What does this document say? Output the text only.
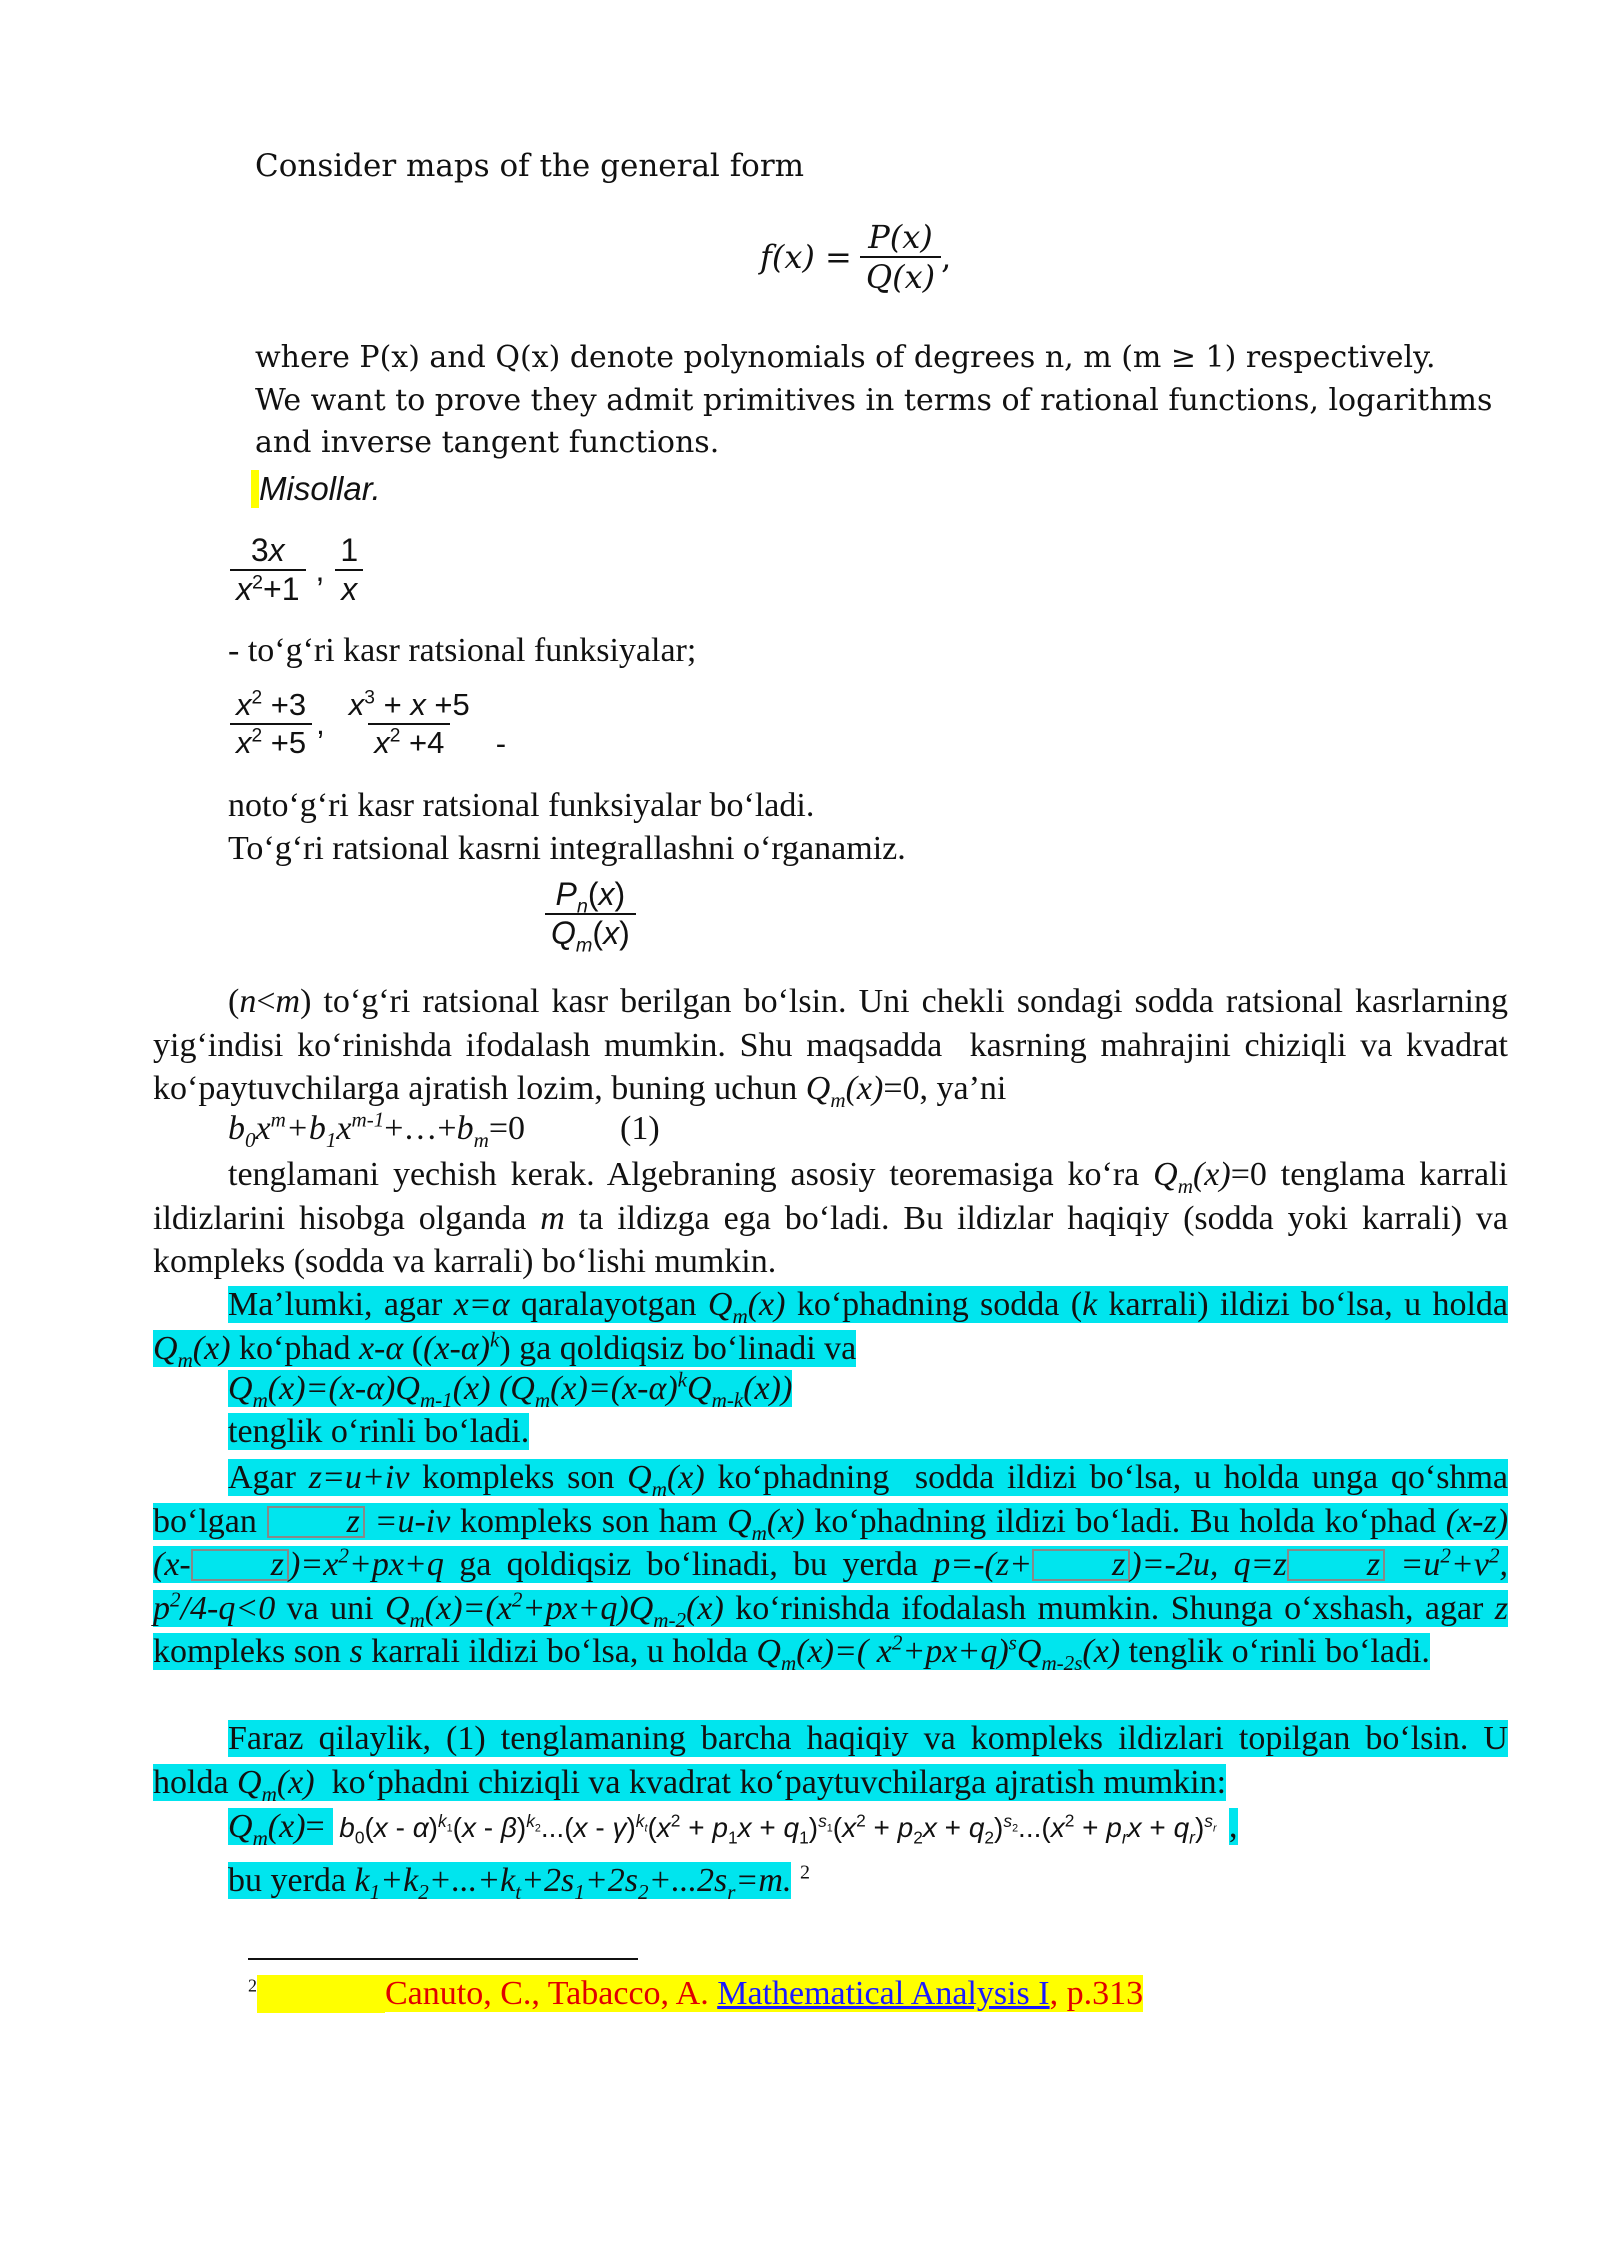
Consider maps of the general form
$f(x) = \frac{P(x)}{Q(x)}$ ,
where P(x) and Q(x) denote polynomials of degrees n, m (m ≥ 1) respectively.
We want to prove they admit primitives in terms of rational functions, logarithms
and inverse tangent functions.
Misollar.
$\frac{3x}{x^2+1}$ , $\frac{1}{x}$
- to‘g‘ri kasr ratsional funksiyalar;
$\frac{x^2 +3}{x^2 +5}$ , $\frac{x^3 + x +5}{x^2 +4}$ -
noto‘g‘ri kasr ratsional funksiyalar bo‘ladi.
To‘g‘ri ratsional kasrni integrallashni o‘rganamiz.
$\frac{P_n(x)}{Q_m(x)}$
(n<m) to‘g‘ri ratsional kasr berilgan bo‘lsin. Uni chekli sondagi sodda ratsional kasrlarning yig‘indisi ko‘rinishda ifodalash mumkin. Shu maqsadda  kasrning mahrajini chiziqli va kvadrat ko‘paytuvchilarga ajratish lozim, buning uchun $Q_m(x)=0$, ya’ni
$b_0x^m+b_1x^{m-1}+\dots+b_m=0$	(1)
tenglamani yechish kerak. Algebraning asosiy teoremasiga ko‘ra $Q_m(x)=0$ tenglama karrali ildizlarini hisobga olganda m ta ildizga ega bo‘ladi. Bu ildizlar haqiqiy (sodda yoki karrali) va kompleks (sodda va karrali) bo‘lishi mumkin.
Ma’lumki, agar x=α qaralayotgan $Q_m(x)$ ko‘phadning sodda (k karrali) ildizi bo‘lsa, u holda $Q_m(x)$ ko‘phad x-α $((x-\alpha)^k)$ ga qoldiqsiz bo‘linadi va
$Q_m(x)=(x-\alpha)Q_{m-1}(x)$ $(Q_m(x)=(x-\alpha)^kQ_{m-k}(x))$
tenglik o‘rinli bo‘ladi.
Agar z=u+iv kompleks son $Q_m(x)$ ko‘phadning  sodda ildizi bo‘lsa, u holda unga qo‘shma bo‘lgan z =u-iv kompleks son ham $Q_m(x)$ ko‘phadning ildizi bo‘ladi. Bu holda ko‘phad (x-z)(x- z )$=x^2+px+q$ ga qoldiqsiz bo‘linadi, bu yerda p=-(z+ z )=-2u, q=z $z =u^2+v^2$, $p^2/4-q<0$ va uni $Q_m(x)=(x^2+px+q)Q_{m-2}(x)$ ko‘rinishda ifodalash mumkin. Shunga o‘xshash, agar z kompleks son s karrali ildizi bo‘lsa, u holda $Q_m(x)=$( $x^2+px+q)^sQ_{m-2s}(x)$ tenglik o‘rinli bo‘ladi.
Faraz qilaylik, (1) tenglamaning barcha haqiqiy va kompleks ildizlari topilgan bo‘lsin. U holda $Q_m(x)$  ko‘phadni chiziqli va kvadrat ko‘paytuvchilarga ajratish mumkin:
$Q_m(x)= b_0(x - \alpha)^{k_1}(x - \beta)^{k_2}...(x - \gamma)^{k_t}(x^2 + p_1x + q_1)^{s_1}(x^2 + p_2x + q_2)^{s_2}...(x^2 + p_rx + q_r)^{s_r}$ ,
bu yerda $k_1+k_2+...+k_t+2s_1+2s_2+...2s_r=m$. $^2$
$^2$	Canuto, C., Tabacco, A. Mathematical Analysis I, p.313
